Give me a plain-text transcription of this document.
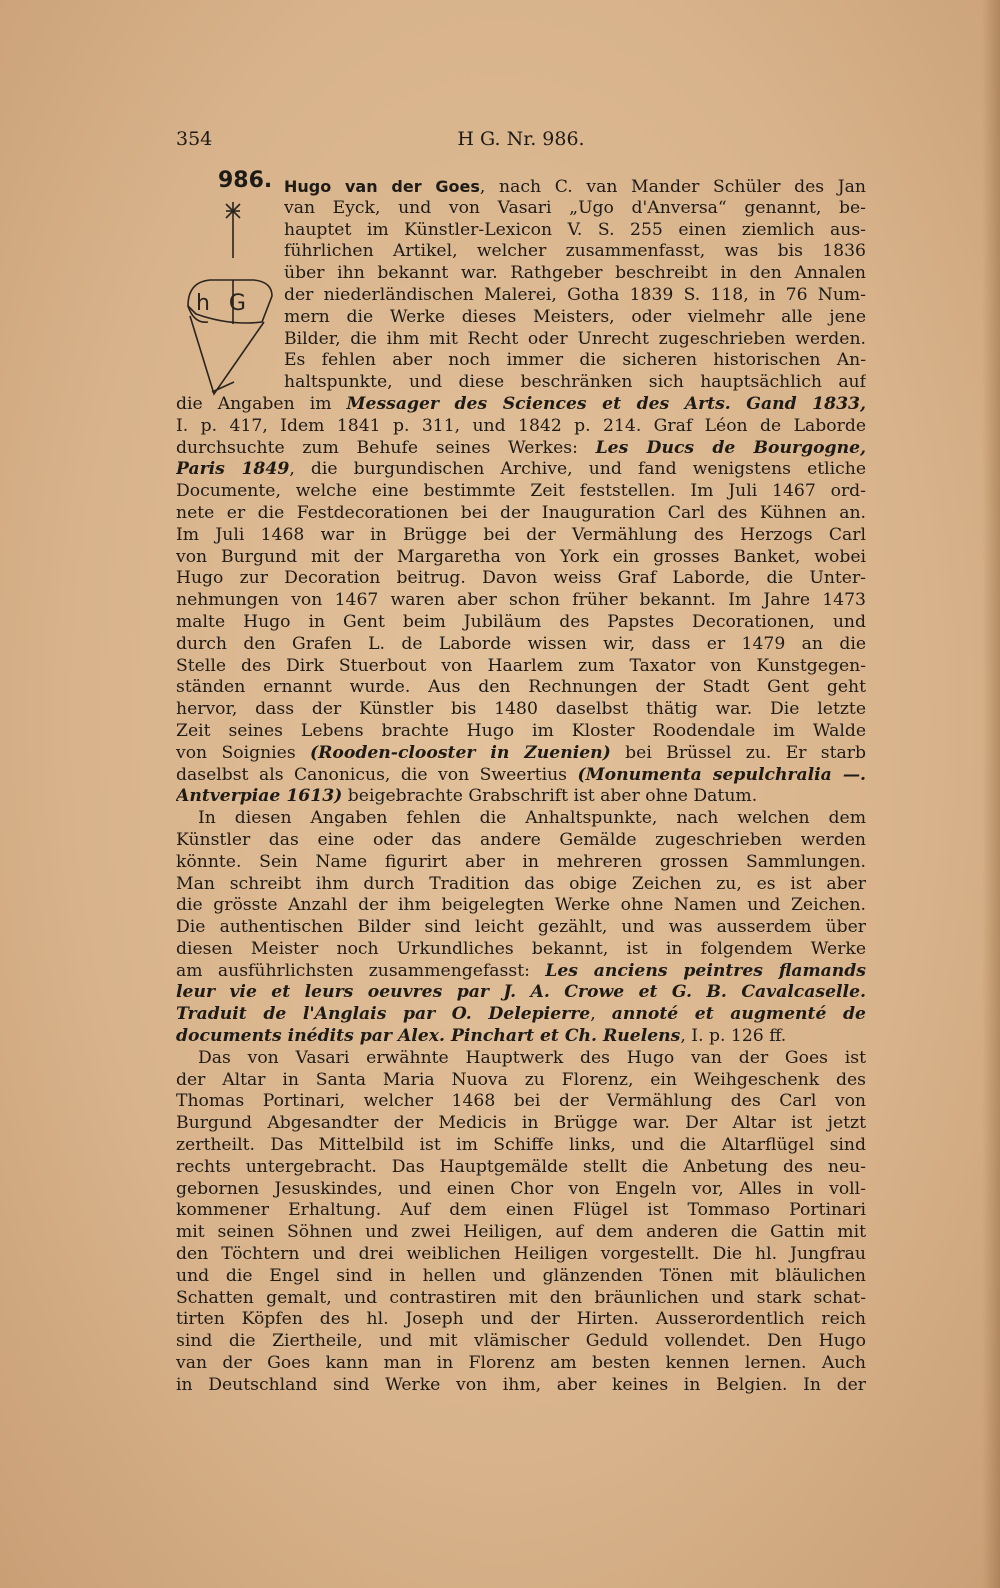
354	H G. Nr. 986.
986.
h G
Hugo van der Goes, nach C. van Mander Schüler des Jan
van Eyck, und von Vasari „Ugo d'Anversa“ genannt, be-
hauptet im Künstler-Lexicon V. S. 255 einen ziemlich aus-
führlichen Artikel, welcher zusammenfasst, was bis 1836
über ihn bekannt war. Rathgeber beschreibt in den Annalen
der niederländischen Malerei, Gotha 1839 S. 118, in 76 Num-
mern die Werke dieses Meisters, oder vielmehr alle jene
Bilder, die ihm mit Recht oder Unrecht zugeschrieben werden.
Es fehlen aber noch immer die sicheren historischen An-
haltspunkte, und diese beschränken sich hauptsächlich auf
die Angaben im Messager des Sciences et des Arts. Gand 1833,
I. p. 417, Idem 1841 p. 311, und 1842 p. 214. Graf Léon de Laborde
durchsuchte zum Behufe seines Werkes: Les Ducs de Bourgogne,
Paris 1849, die burgundischen Archive, und fand wenigstens etliche
Documente, welche eine bestimmte Zeit feststellen. Im Juli 1467 ord-
nete er die Festdecorationen bei der Inauguration Carl des Kühnen an.
Im Juli 1468 war in Brügge bei der Vermählung des Herzogs Carl
von Burgund mit der Margaretha von York ein grosses Banket, wobei
Hugo zur Decoration beitrug. Davon weiss Graf Laborde, die Unter-
nehmungen von 1467 waren aber schon früher bekannt. Im Jahre 1473
malte Hugo in Gent beim Jubiläum des Papstes Decorationen, und
durch den Grafen L. de Laborde wissen wir, dass er 1479 an die
Stelle des Dirk Stuerbout von Haarlem zum Taxator von Kunstgegen-
ständen ernannt wurde. Aus den Rechnungen der Stadt Gent geht
hervor, dass der Künstler bis 1480 daselbst thätig war. Die letzte
Zeit seines Lebens brachte Hugo im Kloster Roodendale im Walde
von Soignies (Rooden-clooster in Zuenien) bei Brüssel zu. Er starb
daselbst als Canonicus, die von Sweertius (Monumenta sepulchralia —.
Antverpiae 1613) beigebrachte Grabschrift ist aber ohne Datum.
In diesen Angaben fehlen die Anhaltspunkte, nach welchen dem
Künstler das eine oder das andere Gemälde zugeschrieben werden
könnte. Sein Name figurirt aber in mehreren grossen Sammlungen.
Man schreibt ihm durch Tradition das obige Zeichen zu, es ist aber
die grösste Anzahl der ihm beigelegten Werke ohne Namen und Zeichen.
Die authentischen Bilder sind leicht gezählt, und was ausserdem über
diesen Meister noch Urkundliches bekannt, ist in folgendem Werke
am ausführlichsten zusammengefasst: Les anciens peintres flamands
leur vie et leurs oeuvres par J. A. Crowe et G. B. Cavalcaselle.
Traduit de l'Anglais par O. Delepierre, annoté et augmenté de
documents inédits par Alex. Pinchart et Ch. Ruelens, I. p. 126 ff.
Das von Vasari erwähnte Hauptwerk des Hugo van der Goes ist
der Altar in Santa Maria Nuova zu Florenz, ein Weihgeschenk des
Thomas Portinari, welcher 1468 bei der Vermählung des Carl von
Burgund Abgesandter der Medicis in Brügge war. Der Altar ist jetzt
zertheilt. Das Mittelbild ist im Schiffe links, und die Altarflügel sind
rechts untergebracht. Das Hauptgemälde stellt die Anbetung des neu-
gebornen Jesuskindes, und einen Chor von Engeln vor, Alles in voll-
kommener Erhaltung. Auf dem einen Flügel ist Tommaso Portinari
mit seinen Söhnen und zwei Heiligen, auf dem anderen die Gattin mit
den Töchtern und drei weiblichen Heiligen vorgestellt. Die hl. Jungfrau
und die Engel sind in hellen und glänzenden Tönen mit bläulichen
Schatten gemalt, und contrastiren mit den bräunlichen und stark schat-
tirten Köpfen des hl. Joseph und der Hirten. Ausserordentlich reich
sind die Ziertheile, und mit vlämischer Geduld vollendet. Den Hugo
van der Goes kann man in Florenz am besten kennen lernen. Auch
in Deutschland sind Werke von ihm, aber keines in Belgien. In der
